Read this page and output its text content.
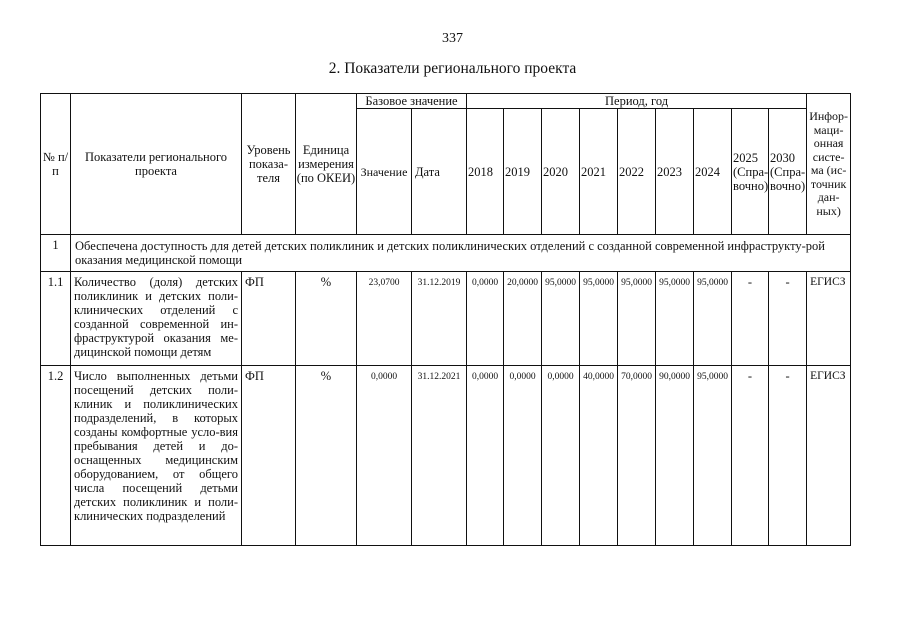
337
2. Показатели регионального проекта
№ п/п	Показатели регионального проекта	Уровень показа-теля	Единица измерения (по ОКЕИ)	Базовое значение		Период, год									Инфор-маци-онная систе-ма (ис-точник дан-ных)
				Значение	Дата	2018	2019	2020	2021	2022	2023	2024	2025 (Спра-вочно)	2030 (Спра-вочно)	
1	Обеспечена доступность для детей детских поликлиник и детских поликлинических отделений с созданной современной инфраструкту-рой оказания медицинской помощи														
1.1	Количество (доля) детских поликлиник и детских поли-клинических отделений с созданной современной ин-фраструктурой оказания ме-дицинской помощи детям	ФП	%	23,0700	31.12.2019	0,0000	20,0000	95,0000	95,0000	95,0000	95,0000	95,0000	-	-	ЕГИСЗ
1.2	Число выполненных детьми посещений детских поли-клиник и поликлинических подразделений, в которых созданы комфортные усло-вия пребывания детей и до-оснащенных медицинским оборудованием, от общего числа посещений детьми детских поликлиник и поли-клинических подразделений	ФП	%	0,0000	31.12.2021	0,0000	0,0000	0,0000	40,0000	70,0000	90,0000	95,0000	-	-	ЕГИСЗ
